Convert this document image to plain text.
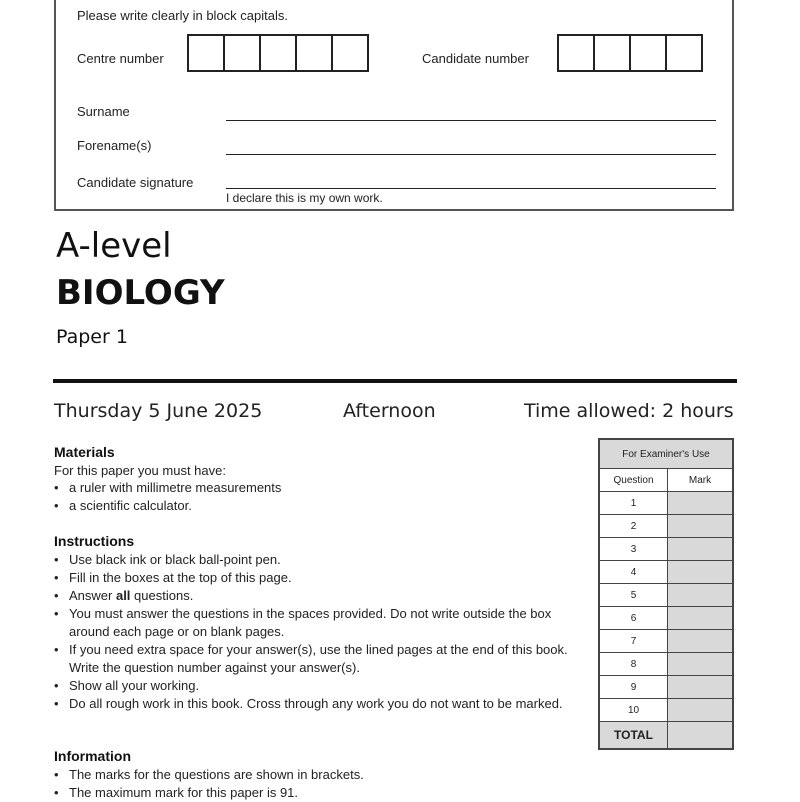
Please write clearly in block capitals.
Centre number	Candidate number
Surname
Forename(s)
Candidate signature
I declare this is my own work.
A-level
BIOLOGY
Paper 1
Thursday 5 June 2025	Afternoon	Time allowed: 2 hours
Materials

For this paper you must have:

• a ruler with millimetre measurements
• a scientific calculator.
Instructions
• Use black ink or black ball-point pen.
• Fill in the boxes at the top of this page.
• Answer all questions.
• You must answer the questions in the spaces provided. Do not write outside the box around each page or on blank pages.
• If you need extra space for your answer(s), use the lined pages at the end of this book. Write the question number against your answer(s).
• Show all your working.
• Do all rough work in this book. Cross through any work you do not want to be marked.
Information
• The marks for the questions are shown in brackets.
• The maximum mark for this paper is 91.
For Examiner's Use
Question	Mark
1
2
3
4
5
6
7
8
9
10
TOTAL
